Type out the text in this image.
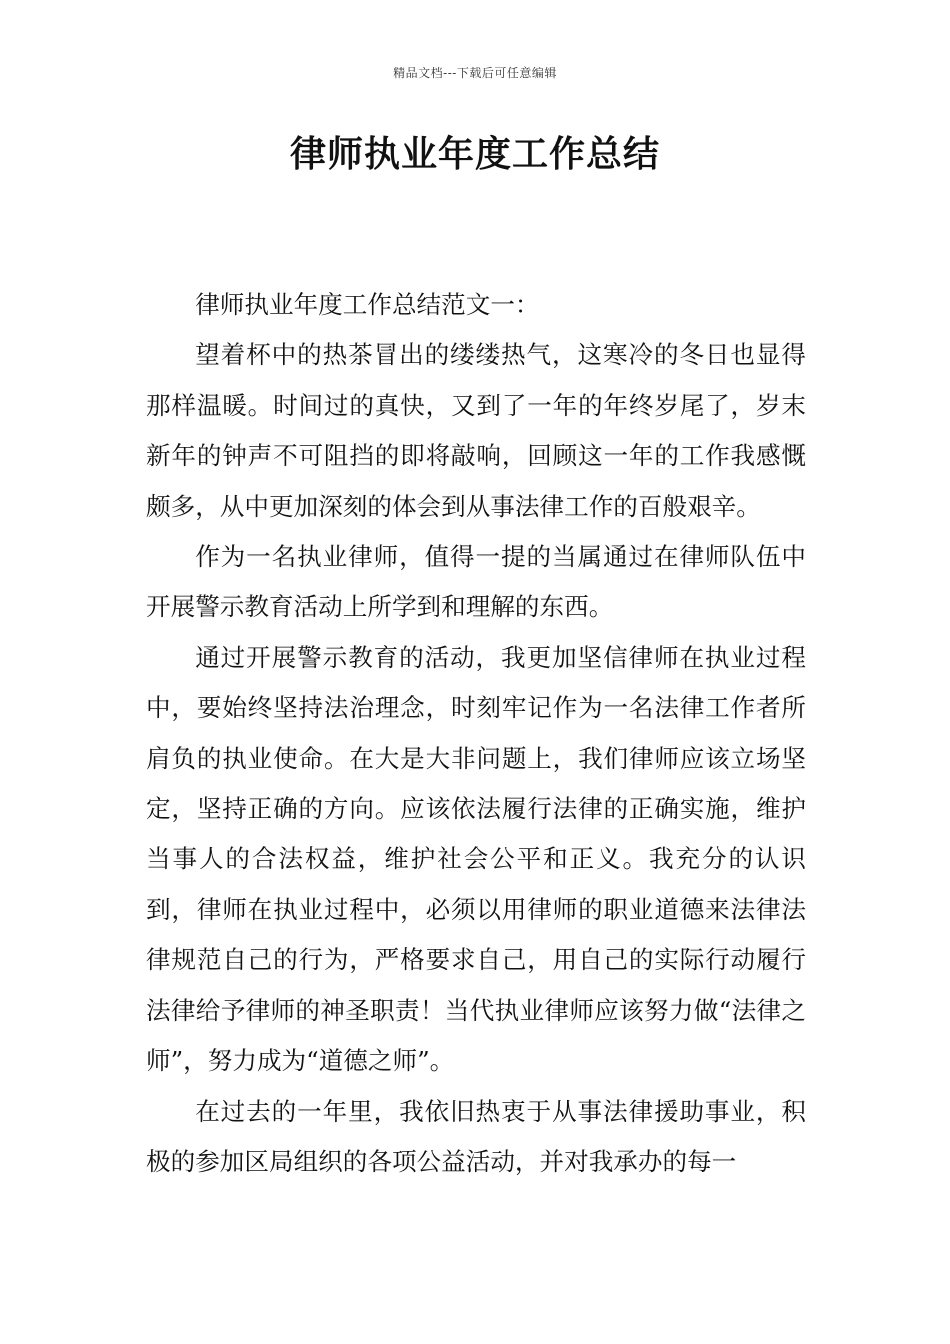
精品文档---下载后可任意编辑
律师执业年度工作总结

律师执业年度工作总结范文一：

望着杯中的热茶冒出的缕缕热气，这寒冷的冬日也显得那样温暖。时间过的真快，又到了一年的年终岁尾了，岁末新年的钟声不可阻挡的即将敲响，回顾这一年的工作我感慨颇多，从中更加深刻的体会到从事法律工作的百般艰辛。

作为一名执业律师，值得一提的当属通过在律师队伍中开展警示教育活动上所学到和理解的东西。

通过开展警示教育的活动，我更加坚信律师在执业过程中，要始终坚持法治理念，时刻牢记作为一名法律工作者所肩负的执业使命。在大是大非问题上，我们律师应该立场坚定，坚持正确的方向。应该依法履行法律的正确实施，维护当事人的合法权益，维护社会公平和正义。我充分的认识到，律师在执业过程中，必须以用律师的职业道德来法律法律规范自己的行为，严格要求自己，用自己的实际行动履行法律给予律师的神圣职责！当代执业律师应该努力做“法律之师”，努力成为“道德之师”。

在过去的一年里，我依旧热衷于从事法律援助事业，积极的参加区局组织的各项公益活动，并对我承办的每一
